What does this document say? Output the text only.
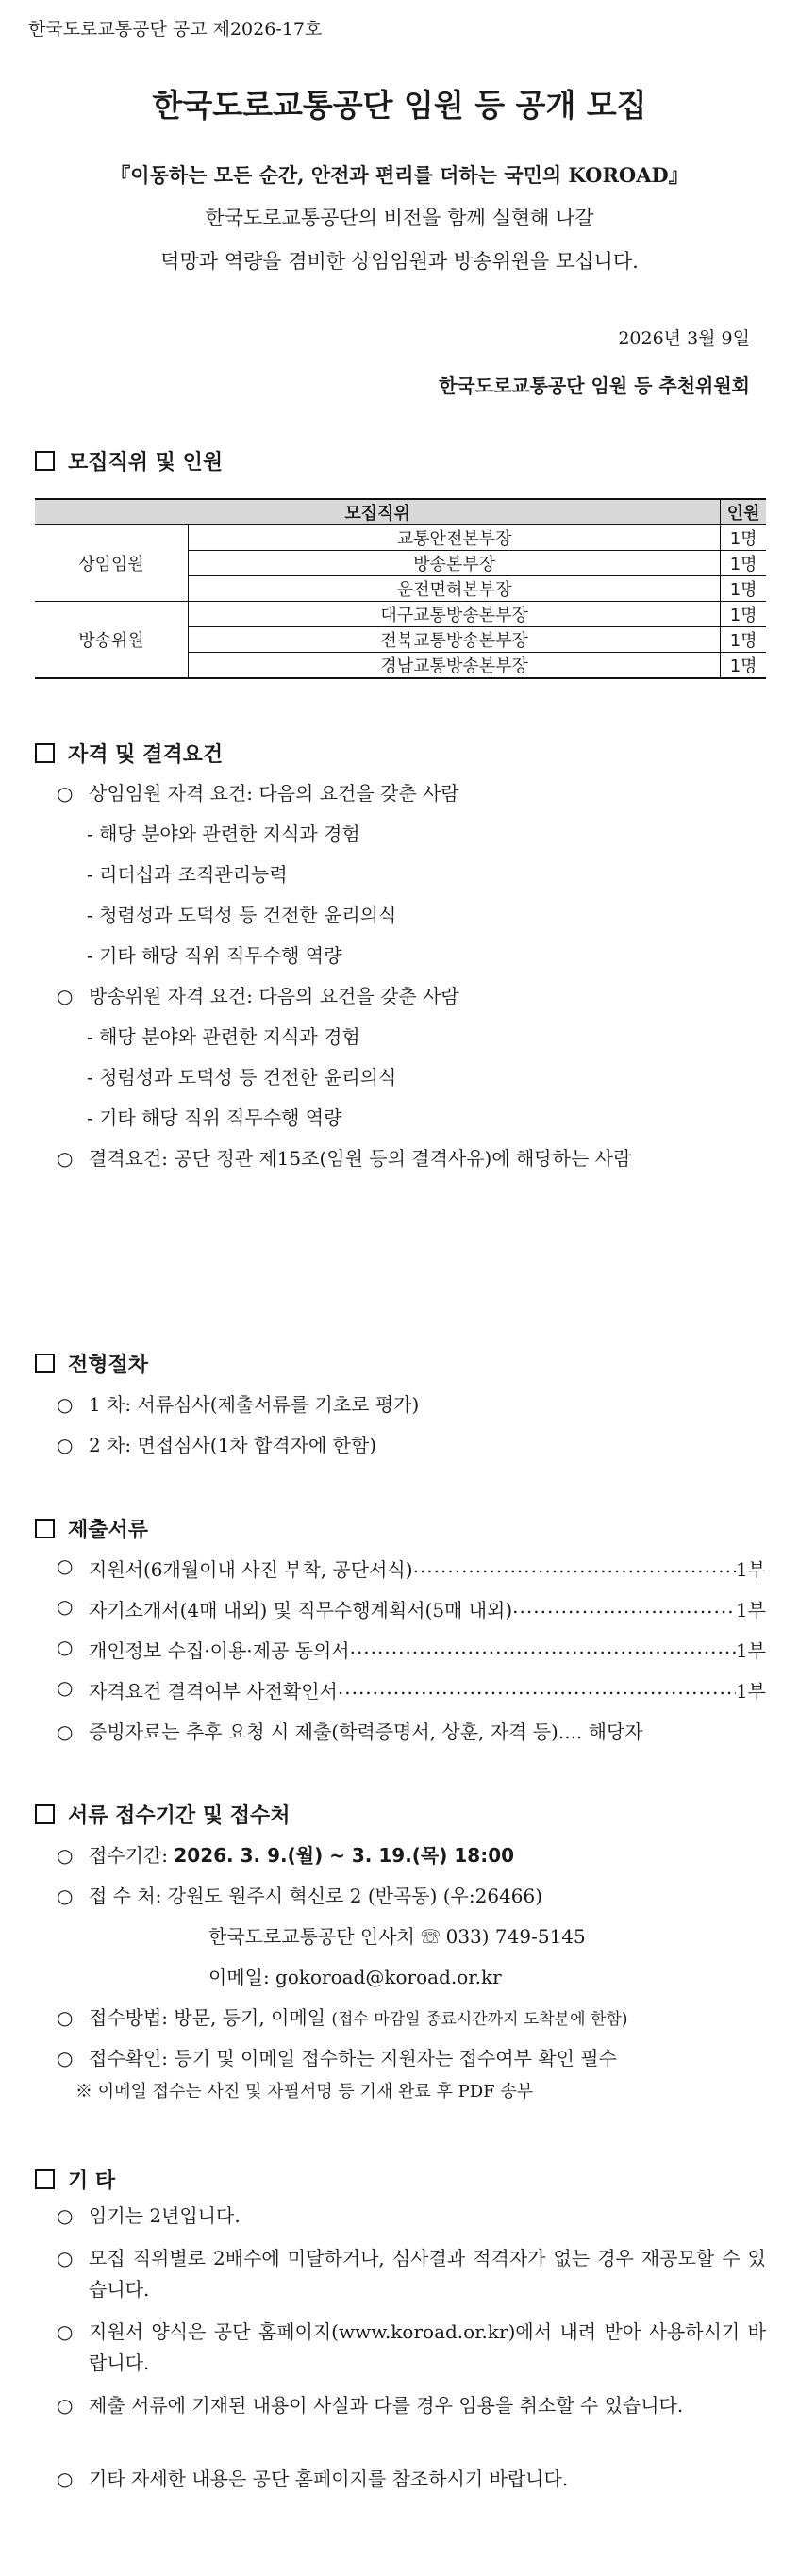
한국도로교통공단 공고 제2026-17호
한국도로교통공단 임원 등 공개 모집
『이동하는 모든 순간, 안전과 편리를 더하는 국민의 KOROAD』
한국도로교통공단의 비전을 함께 실현해 나갈
덕망과 역량을 겸비한 상임임원과 방송위원을 모십니다.
2026년 3월 9일
한국도로교통공단 임원 등 추천위원회
모집직위 및 인원
모집직위		인원
상임임원	교통안전본부장	1명
	방송본부장	1명
	운전면허본부장	1명
방송위원	대구교통방송본부장	1명
	전북교통방송본부장	1명
	경남교통방송본부장	1명
자격 및 결격요건
○ 상임임원 자격 요건: 다음의 요건을 갖춘 사람
- 해당 분야와 관련한 지식과 경험
- 리더십과 조직관리능력
- 청렴성과 도덕성 등 건전한 윤리의식
- 기타 해당 직위 직무수행 역량
○ 방송위원 자격 요건: 다음의 요건을 갖춘 사람
- 해당 분야와 관련한 지식과 경험
- 청렴성과 도덕성 등 건전한 윤리의식
- 기타 해당 직위 직무수행 역량
○ 결격요건: 공단 정관 제15조(임원 등의 결격사유)에 해당하는 사람
전형절차
○ 1 차: 서류심사(제출서류를 기초로 평가)
○ 2 차: 면접심사(1차 합격자에 한함)
제출서류
○ 지원서(6개월이내 사진 부착, 공단서식) .....	1부
○ 자기소개서(4매 내외) 및 직무수행계획서(5매 내외) .....	1부
○ 개인정보 수집·이용·제공 동의서 .....	1부
○ 자격요건 결격여부 사전확인서 .....	1부
○ 증빙자료는 추후 요청 시 제출(학력증명서, 상훈, 자격 등).... 해당자
서류 접수기간 및 접수처
○ 접수기간: 2026. 3. 9.(월) ~ 3. 19.(목) 18:00
○ 접 수 처: 강원도 원주시 혁신로 2 (반곡동) (우:26466)
한국도로교통공단 인사처 ☏ 033) 749-5145
이메일: gokoroad@koroad.or.kr
○ 접수방법: 방문, 등기, 이메일 (접수 마감일 종료시간까지 도착분에 한함)
○ 접수확인: 등기 및 이메일 접수하는 지원자는 접수여부 확인 필수
※ 이메일 접수는 사진 및 자필서명 등 기재 완료 후 PDF 송부
기 타
○ 임기는 2년입니다.
○ 모집 직위별로 2배수에 미달하거나, 심사결과 적격자가 없는 경우 재공모할 수 있습니다.
○ 지원서 양식은 공단 홈페이지(www.koroad.or.kr)에서 내려 받아 사용하시기 바랍니다.
○ 제출 서류에 기재된 내용이 사실과 다를 경우 임용을 취소할 수 있습니다.
○ 기타 자세한 내용은 공단 홈페이지를 참조하시기 바랍니다.
